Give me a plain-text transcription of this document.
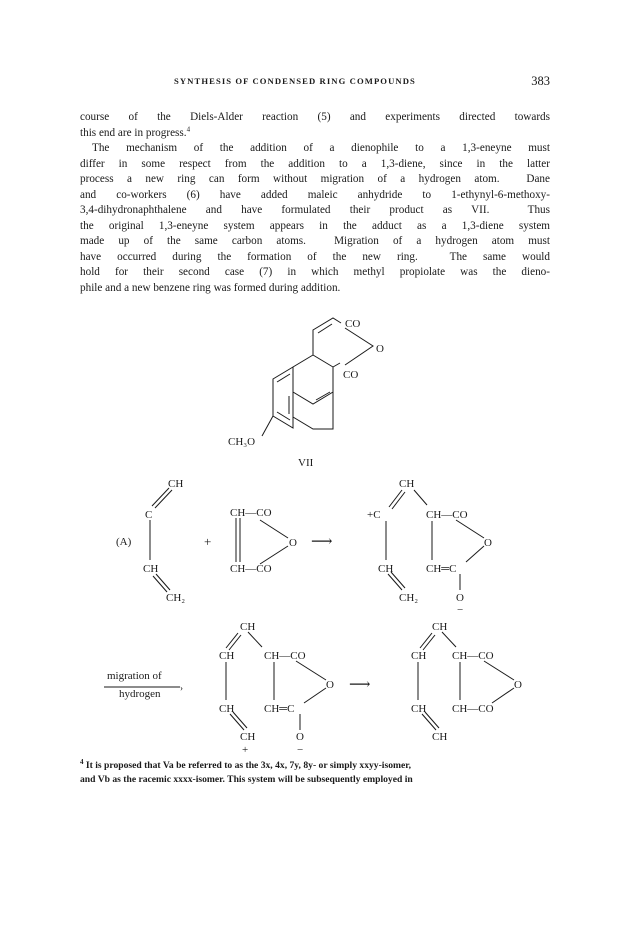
SYNTHESIS OF CONDENSED RING COMPOUNDS	383
course of the Diels-Alder reaction (5) and experiments directed towards
this end are in progress.$^4$
The mechanism of the addition of a dienophile to a 1,3-eneyne must
differ in some respect from the addition to a 1,3-diene, since in the latter
process a new ring can form without migration of a hydrogen atom.  Dane
and co-workers (6) have added maleic anhydride to 1-ethynyl-6-methoxy-
3,4-dihydronaphthalene and have formulated their product as VII.  Thus
the original 1,3-eneyne system appears in the adduct as a 1,3-diene system
made up of the same carbon atoms.  Migration of a hydrogen atom must
have occurred during the formation of the new ring.  The same would
hold for their second case (7) in which methyl propiolate was the dieno-
phile and a new benzene ring was formed during addition.
CO
O
CO
CH₃O
VII
CH
C
(A)
CH
CH₂
+
CH—CO
O
CH—CO
⟶
CH
+C	CH—CO
O
CH	CH═C
CH₂	O
−
migration of
hydrogen ›
CH
CH	CH—CO
O
CH	CH═C
CH
+
O
−
⟶
CH
CH CH—CO
O
CH CH—CO
CH
$^4$ It is proposed that Va be referred to as the 3x, 4x, 7y, 8y- or simply xxyy-isomer,
and Vb as the racemic xxxx-isomer. This system will be subsequently employed in
